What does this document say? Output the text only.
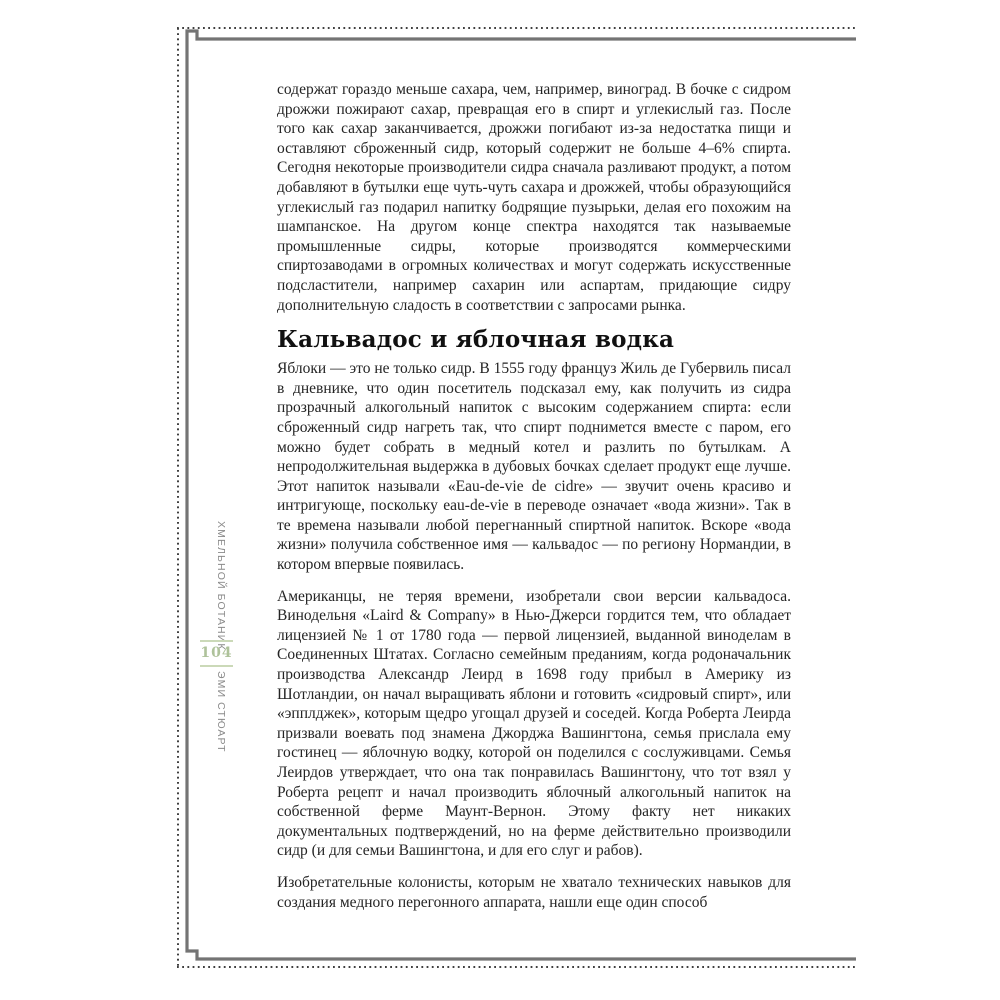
ХМЕЛЬНОЙ БОТАНИК
104
ЭМИ СТЮАРТ

содержат гораздо меньше сахара, чем, например, виноград. В бочке с сидром дрожжи пожирают сахар, превращая его в спирт и углекислый газ. После того как сахар заканчивается, дрожжи погибают из-за недостатка пищи и оставляют сброженный сидр, который содержит не больше 4–6% спирта. Сегодня некоторые производители сидра сначала разливают продукт, а потом добавляют в бутылки еще чуть-чуть сахара и дрожжей, чтобы образующийся углекислый газ подарил напитку бодрящие пузырьки, делая его похожим на шампанское. На другом конце спектра находятся так называемые промышленные сидры, которые производятся коммерческими спиртозаводами в огромных количествах и могут содержать искусственные подсластители, например сахарин или аспартам, придающие сидру дополнительную сладость в соответствии с запросами рынка.

Кальвадос и яблочная водка

Яблоки — это не только сидр. В 1555 году француз Жиль де Губервиль писал в дневнике, что один посетитель подсказал ему, как получить из сидра прозрачный алкогольный напиток с высоким содержанием спирта: если сброженный сидр нагреть так, что спирт поднимется вместе с паром, его можно будет собрать в медный котел и разлить по бутылкам. А непродолжительная выдержка в дубовых бочках сделает продукт еще лучше. Этот напиток называли «Eau-de-vie de cidre» — звучит очень красиво и интригующе, поскольку eau-de-vie в переводе означает «вода жизни». Так в те времена называли любой перегнанный спиртной напиток. Вскоре «вода жизни» получила собственное имя — кальвадос — по региону Нормандии, в котором впервые появилась.

Американцы, не теряя времени, изобретали свои версии кальвадоса. Винодельня «Laird & Company» в Нью-Джерси гордится тем, что обладает лицензией № 1 от 1780 года — первой лицензией, выданной виноделам в Соединенных Штатах. Согласно семейным преданиям, когда родоначальник производства Александр Леирд в 1698 году прибыл в Америку из Шотландии, он начал выращивать яблони и готовить «сидровый спирт», или «эпплджек», которым щедро угощал друзей и соседей. Когда Роберта Леирда призвали воевать под знамена Джорджа Вашингтона, семья прислала ему гостинец — яблочную водку, которой он поделился с сослуживцами. Семья Леирдов утверждает, что она так понравилась Вашингтону, что тот взял у Роберта рецепт и начал производить яблочный алкогольный напиток на собственной ферме Маунт-Вернон. Этому факту нет никаких документальных подтверждений, но на ферме действительно производили сидр (и для семьи Вашингтона, и для его слуг и рабов).

Изобретательные колонисты, которым не хватало технических навыков для создания медного перегонного аппарата, нашли еще один способ
